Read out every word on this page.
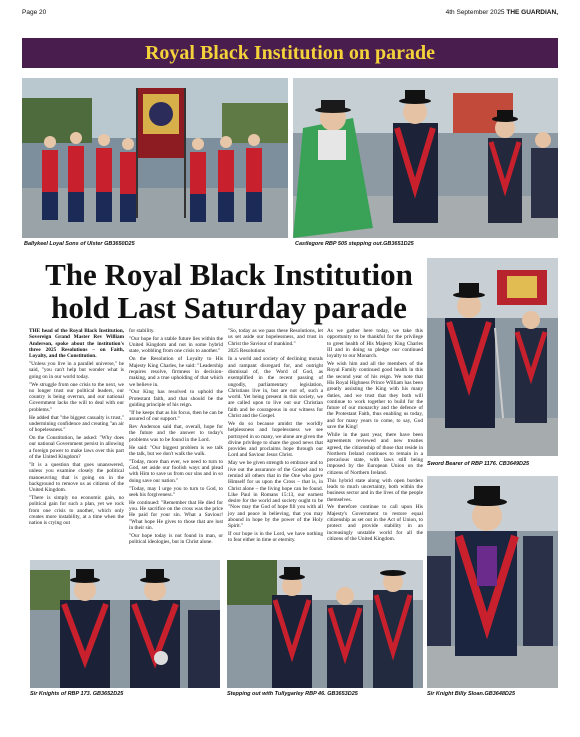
Page 20	4th September 2025 THE GUARDIAN,
Royal Black Institution on parade
Ballykeel Loyal Sons of Ulster GB3650D25	Castlegore RBP 505 stepping out.GB3651D25
The Royal Black Institution
hold Last Saturday parade
Sword Bearer of RBP 1176. CB3649D25

THE head of the Royal Black Institution, Sovereign Grand Master Rev William Anderson, spoke about the institution's three 2025 Resolutions – on Faith, Loyalty, and the Constitution.

"Unless you live in a parallel universe," he said, "you can't help but wonder what is going on in our world today.

"We struggle from one crisis to the next, we no longer trust our political leaders, our country is being overrun, and our national Government lacks the will to deal with our problems."

He added that "the biggest casualty is trust," undermining confidence and creating "an air of hopelessness."

On the Constitution, he asked: "Why does our national Government persist in allowing a foreign power to make laws over this part of the United Kingdom?

"It is a question that goes unanswered, unless you examine closely the political manoeuvring that is going on in the background to remove us as citizens of the United Kingdom.

"There is simply no economic gain, no political gain for such a plan, yet we rock from one crisis to another, which only creates more instability, at a time when the nation is crying out

for stability.

"Our hope for a stable future lies within the United Kingdom and not in some hybrid state, wobbling from one crisis to another."

On the Resolution of Loyalty to His Majesty King Charles, he said: "Leadership requires resolve, firmness in decision-making, and a true upholding of that which we believe in.

"Our King has resolved to uphold the Protestant faith, and that should be the guiding principle of his reign.

"If he keeps that as his focus, then he can be assured of our support."

Rev Anderson said that, overall, hope for the future and the answer to today's problems was to be found in the Lord.

He said: "Our biggest problem is we talk the talk, but we don't walk the walk.

"Today, more than ever, we need to turn to God, set aside our foolish ways and plead with Him to save us from our sins and in so doing save our nation."

"Today, may I urge you to turn to God, to seek his forgiveness."

He continued: "Remember that He died for you. He sacrifice on the cross was the price He paid for your sin. What a Saviour! "What hope He gives to those that are lost in their sin.

"Our hope today is not found in man, or political ideologies, but in Christ alone.

"So, today as we pass these Resolutions, let us set aside our hopelessness, and trust in Christ the Saviour of mankind."

2025 Resolutions

In a world and society of declining morals and rampant disregard for, and outright dismissal of, the Word of God, as exemplified in the recent passing of ungodly, parliamentary legislation, Christians live in, but are not of, such a world. Yet being present in this society, we are called upon to live out our Christian faith and be courageous in our witness for Christ and the Gospel.

We do so because amidst the worldly helplessness and hopelessness we see portrayed in so many, we alone are given the divine privilege to share the good news that provides and proclaims hope through our Lord and Saviour Jesus Christ.

May we be given strength to embrace and to live out the assurance of the Gospel and to remind all others that in the One who gave Himself for us upon the Cross – that is, in Christ alone – the living hope can be found. Like Paul in Romans 15:13, our earnest desire for the world and society ought to be "Now may the God of hope fill you with all joy and peace in believing, that you may abound in hope by the power of the Holy Spirit."

If our hope is in the Lord, we have nothing to fear either in time or eternity.

As we gather here today, we take this opportunity to be thankful for the privilege to greet health of His Majesty King Charles III and in doing so pledge our continued loyalty to our Monarch.

We wish him and all the members of the Royal Family continued good health in this the second year of his reign. We note that His Royal Highness Prince William has been greatly assisting the King with his many duties, and we trust that they both will continue to work together to build for the future of our monarchy and the defence of the Protestant Faith, thus enabling us today, and for many years to come, to say, God save the King!

While in the past year, there have been agreements reviewed and new treaties agreed, the citizenship of those that reside in Northern Ireland continues to remain in a precarious state, with laws still being imposed by the European Union on the citizens of Northern Ireland.

This hybrid state along with open borders leads to much uncertainty, both within the business sector and in the lives of the people themselves.

We therefore continue to call upon His Majesty's Government to restore equal citizenship as set out in the Act of Union, to protect and provide stability in an increasingly unstable world for all the citizens of the United Kingdom.

Sir Knight Billy Sloan.GB3648D25
Sir Knights of RBP 173. GB3652D25	Stepping out with Tullygarley RBP 46. GB3653D25
